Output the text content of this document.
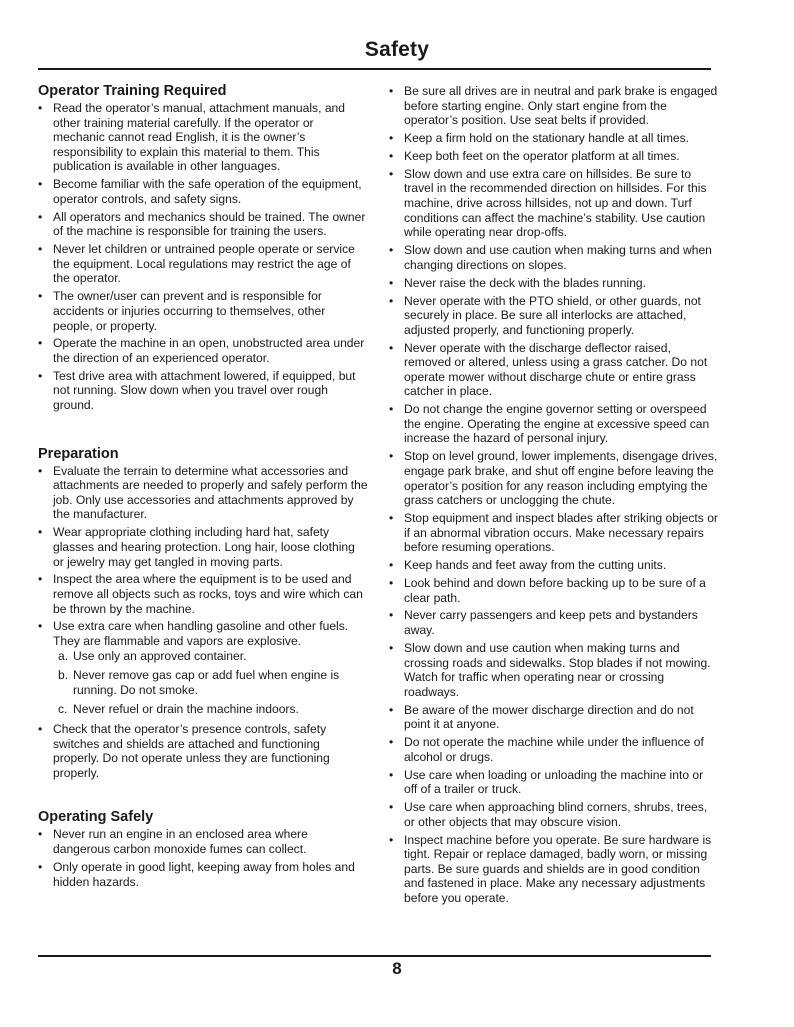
Safety
Operator Training Required
• Read the operator’s manual, attachment manuals, and other training material carefully. If the operator or mechanic cannot read English, it is the owner’s responsibility to explain this material to them. This publication is available in other languages.
• Become familiar with the safe operation of the equipment, operator controls, and safety signs.
• All operators and mechanics should be trained. The owner of the machine is responsible for training the users.
• Never let children or untrained people operate or service the equipment. Local regulations may restrict the age of the operator.
• The owner/user can prevent and is responsible for accidents or injuries occurring to themselves, other people, or property.
• Operate the machine in an open, unobstructed area under the direction of an experienced operator.
• Test drive area with attachment lowered, if equipped, but not running. Slow down when you travel over rough ground.
Preparation
• Evaluate the terrain to determine what accessories and attachments are needed to properly and safely perform the job. Only use accessories and attachments approved by the manufacturer.
• Wear appropriate clothing including hard hat, safety glasses and hearing protection. Long hair, loose clothing or jewelry may get tangled in moving parts.
• Inspect the area where the equipment is to be used and remove all objects such as rocks, toys and wire which can be thrown by the machine.
• Use extra care when handling gasoline and other fuels. They are flammable and vapors are explosive.
a. Use only an approved container.
b. Never remove gas cap or add fuel when engine is running. Do not smoke.
c. Never refuel or drain the machine indoors.
• Check that the operator’s presence controls, safety switches and shields are attached and functioning properly. Do not operate unless they are functioning properly.
Operating Safely
• Never run an engine in an enclosed area where dangerous carbon monoxide fumes can collect.
• Only operate in good light, keeping away from holes and hidden hazards.
• Be sure all drives are in neutral and park brake is engaged before starting engine. Only start engine from the operator’s position. Use seat belts if provided.
• Keep a firm hold on the stationary handle at all times.
• Keep both feet on the operator platform at all times.
• Slow down and use extra care on hillsides. Be sure to travel in the recommended direction on hillsides. For this machine, drive across hillsides, not up and down. Turf conditions can affect the machine’s stability. Use caution while operating near drop-offs.
• Slow down and use caution when making turns and when changing directions on slopes.
• Never raise the deck with the blades running.
• Never operate with the PTO shield, or other guards, not securely in place. Be sure all interlocks are attached, adjusted properly, and functioning properly.
• Never operate with the discharge deflector raised, removed or altered, unless using a grass catcher. Do not operate mower without discharge chute or entire grass catcher in place.
• Do not change the engine governor setting or overspeed the engine. Operating the engine at excessive speed can increase the hazard of personal injury.
• Stop on level ground, lower implements, disengage drives, engage park brake, and shut off engine before leaving the operator’s position for any reason including emptying the grass catchers or unclogging the chute.
• Stop equipment and inspect blades after striking objects or if an abnormal vibration occurs. Make necessary repairs before resuming operations.
• Keep hands and feet away from the cutting units.
• Look behind and down before backing up to be sure of a clear path.
• Never carry passengers and keep pets and bystanders away.
• Slow down and use caution when making turns and crossing roads and sidewalks. Stop blades if not mowing. Watch for traffic when operating near or crossing roadways.
• Be aware of the mower discharge direction and do not point it at anyone.
• Do not operate the machine while under the influence of alcohol or drugs.
• Use care when loading or unloading the machine into or off of a trailer or truck.
• Use care when approaching blind corners, shrubs, trees, or other objects that may obscure vision.
• Inspect machine before you operate. Be sure hardware is tight. Repair or replace damaged, badly worn, or missing parts. Be sure guards and shields are in good condition and fastened in place. Make any necessary adjustments before you operate.
8
